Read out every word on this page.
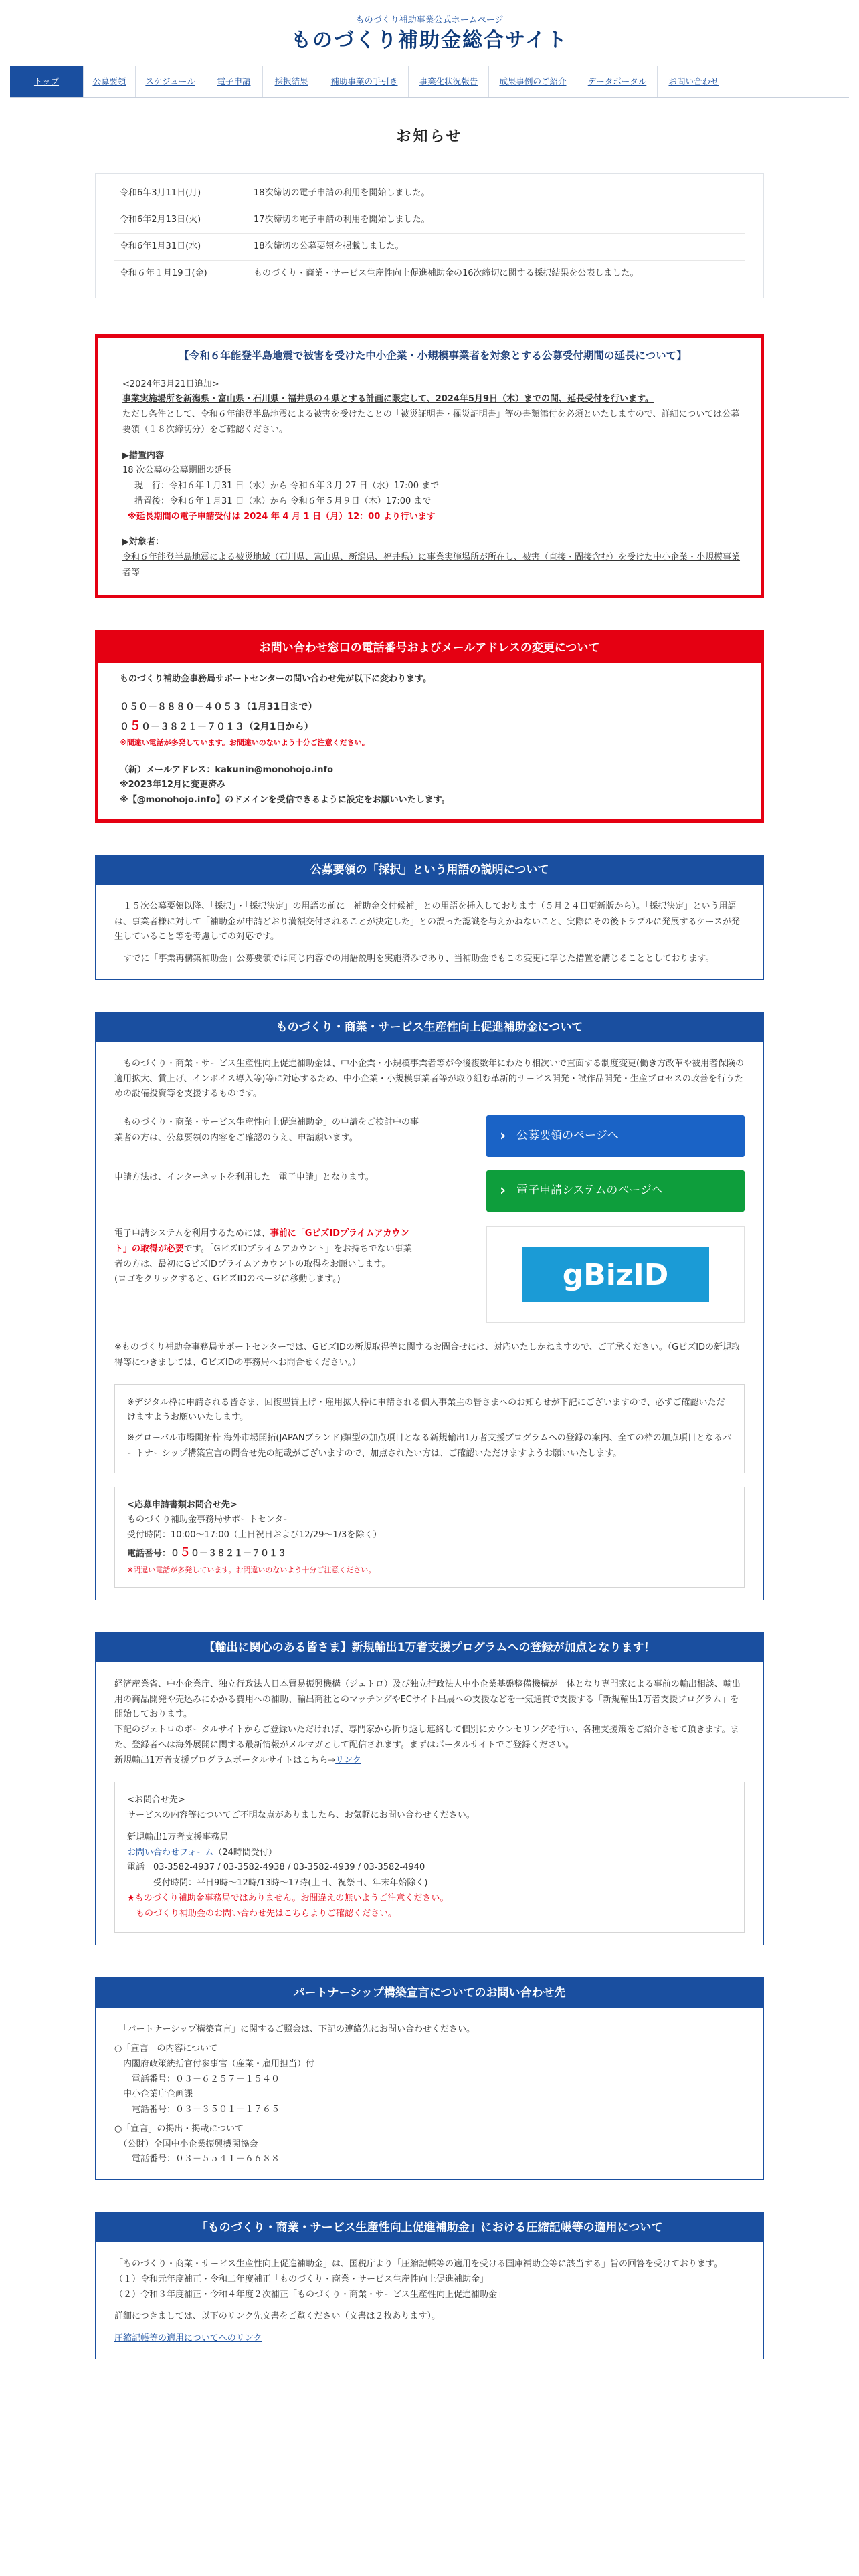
ものづくり補助事業公式ホームページ
ものづくり補助金総合サイト
トップ	公募要領	スケジュール	電子申請	採択結果	補助事業の手引き	事業化状況報告	成果事例のご紹介	データポータル	お問い合わせ
お知らせ
令和6年3月11日(月)	18次締切の電子申請の利用を開始しました。
令和6年2月13日(火)	17次締切の電子申請の利用を開始しました。
令和6年1月31日(水)	18次締切の公募要領を掲載しました。
令和６年１月19日(金)	ものづくり・商業・サービス生産性向上促進補助金の16次締切に関する採択結果を公表しました。
【令和６年能登半島地震で被害を受けた中小企業・小規模事業者を対象とする公募受付期間の延長について】
<2024年3月21日追加>
事業実施場所を新潟県・富山県・石川県・福井県の４県とする計画に限定して、2024年5月9日（木）までの間、延長受付を行います。
ただし条件として、令和６年能登半島地震による被害を受けたことの「被災証明書・罹災証明書」等の書類添付を必須といたしますので、詳細については公募要領（１８次締切分）をご確認ください。
▶措置内容
18 次公募の公募期間の延長
現　行：令和６年１月31 日（水）から 令和６年３月 27 日（水）17:00 まで
措置後：令和６年１月31 日（水）から 令和６年５月９日（木）17:00 まで
※延長期間の電子申請受付は 2024 年 4 月 1 日（月）12：00 より行います
▶対象者：
令和６年能登半島地震による被災地域（石川県、富山県、新潟県、福井県）に事業実施場所が所在し、被害（直接・間接含む）を受けた中小企業・小規模事業者等
お問い合わせ窓口の電話番号およびメールアドレスの変更について
ものづくり補助金事務局サポートセンターの問い合わせ先が以下に変わります。
０５０－８８８０－４０５３（1月31日まで）
０５０－３８２１－７０１３（2月1日から）
※間違い電話が多発しています。お間違いのないよう十分ご注意ください。
（新）メールアドレス：kakunin@monohojo.info
※2023年12月に変更済み
※【@monohojo.info】のドメインを受信できるように設定をお願いいたします。
公募要領の「採択」という用語の説明について
　１５次公募要領以降、「採択」・「採択決定」の用語の前に「補助金交付候補」との用語を挿入しております（５月２４日更新版から）。「採択決定」という用語は、事業者様に対して「補助金が申請どおり満額交付されることが決定した」との誤った認識を与えかねないこと、実際にその後トラブルに発展するケースが発生していること等を考慮しての対応です。
　すでに「事業再構築補助金」公募要領では同じ内容での用語説明を実施済みであり、当補助金でもこの変更に準じた措置を講じることとしております。
ものづくり・商業・サービス生産性向上促進補助金について
　ものづくり・商業・サービス生産性向上促進補助金は、中小企業・小規模事業者等が今後複数年にわたり相次いで直面する制度変更(働き方改革や被用者保険の適用拡大、賃上げ、インボイス導入等)等に対応するため、中小企業・小規模事業者等が取り組む革新的サービス開発・試作品開発・生産プロセスの改善を行うための設備投資等を支援するものです。
「ものづくり・商業・サービス生産性向上促進補助金」の申請をご検討中の事業者の方は、公募要領の内容をご確認のうえ、申請願います。	› 公募要領のページへ
申請方法は、インターネットを利用した「電子申請」となります。
› 電子申請システムのページへ
電子申請システムを利用するためには、事前に「GビズIDプライムアカウント」の取得が必要です。「GビズIDプライムアカウント」をお持ちでない事業者の方は、最初にGビズIDプライムアカウントの取得をお願いします。
(ロゴをクリックすると、GビズIDのページに移動します。)	gBizID
※ものづくり補助金事務局サポートセンターでは、GビズIDの新規取得等に関するお問合せには、対応いたしかねますので、ご了承ください。（GビズIDの新規取得等につきましては、GビズIDの事務局へお問合せください。）
※デジタル枠に申請される皆さま、回復型賃上げ・雇用拡大枠に申請される個人事業主の皆さまへのお知らせが下記にございますので、必ずご確認いただけますようお願いいたします。
※グローバル市場開拓枠 海外市場開拓(JAPANブランド)類型の加点項目となる新規輸出1万者支援プログラムへの登録の案内、全ての枠の加点項目となるパートナーシップ構築宣言の問合せ先の記載がございますので、加点されたい方は、ご確認いただけますようお願いいたします。
<応募申請書類お問合せ先>
ものづくり補助金事務局サポートセンター
受付時間：10:00〜17:00（土日祝日および12/29〜1/3を除く）
電話番号：０５０－３８２１－７０１３
※間違い電話が多発しています。お間違いのないよう十分ご注意ください。
【輸出に関心のある皆さま】新規輸出1万者支援プログラムへの登録が加点となります！
経済産業省、中小企業庁、独立行政法人日本貿易振興機構（ジェトロ）及び独立行政法人中小企業基盤整備機構が一体となり専門家による事前の輸出相談、輸出用の商品開発や売込みにかかる費用への補助、輸出商社とのマッチングやECサイト出展への支援などを一気通貫で支援する「新規輸出1万者支援プログラム」を開始しております。
下記のジェトロのポータルサイトからご登録いただければ、専門家から折り返し連絡して個別にカウンセリングを行い、各種支援策をご紹介させて頂きます。また、登録者へは海外展開に関する最新情報がメルマガとして配信されます。まずはポータルサイトでご登録ください。
新規輸出1万者支援プログラムポータルサイトはこちら⇒リンク
<お問合せ先>
サービスの内容等についてご不明な点がありましたら、お気軽にお問い合わせください。
新規輸出1万者支援事務局
お問い合わせフォーム（24時間受付）
電話　03-3582-4937 / 03-3582-4938 / 03-3582-4939 / 03-3582-4940
　　　受付時間：平日9時〜12時/13時〜17時(土日、祝祭日、年末年始除く)
★ものづくり補助金事務局ではありません。お間違えの無いようご注意ください。
　ものづくり補助金のお問い合わせ先はこちらよりご確認ください。
パートナーシップ構築宣言についてのお問い合わせ先
　「パートナーシップ構築宣言」に関するご照会は、下記の連絡先にお問い合わせください。
○「宣言」の内容について
　内閣府政策統括官付参事官（産業・雇用担当）付
　　電話番号：０３－６２５７－１５４０
　中小企業庁企画課
　　電話番号：０３－３５０１－１７６５
○「宣言」の掲出・掲載について
　（公財）全国中小企業振興機関協会
　　電話番号：０３－５５４１－６６８８
「ものづくり・商業・サービス生産性向上促進補助金」における圧縮記帳等の適用について
「ものづくり・商業・サービス生産性向上促進補助金」は、国税庁より「圧縮記帳等の適用を受ける国庫補助金等に該当する」旨の回答を受けております。
（１）令和元年度補正・令和二年度補正「ものづくり・商業・サービス生産性向上促進補助金」
（２）令和３年度補正・令和４年度２次補正「ものづくり・商業・サービス生産性向上促進補助金」
詳細につきましては、以下のリンク先文書をご覧ください（文書は２枚あります）。
圧縮記帳等の適用についてへのリンク
